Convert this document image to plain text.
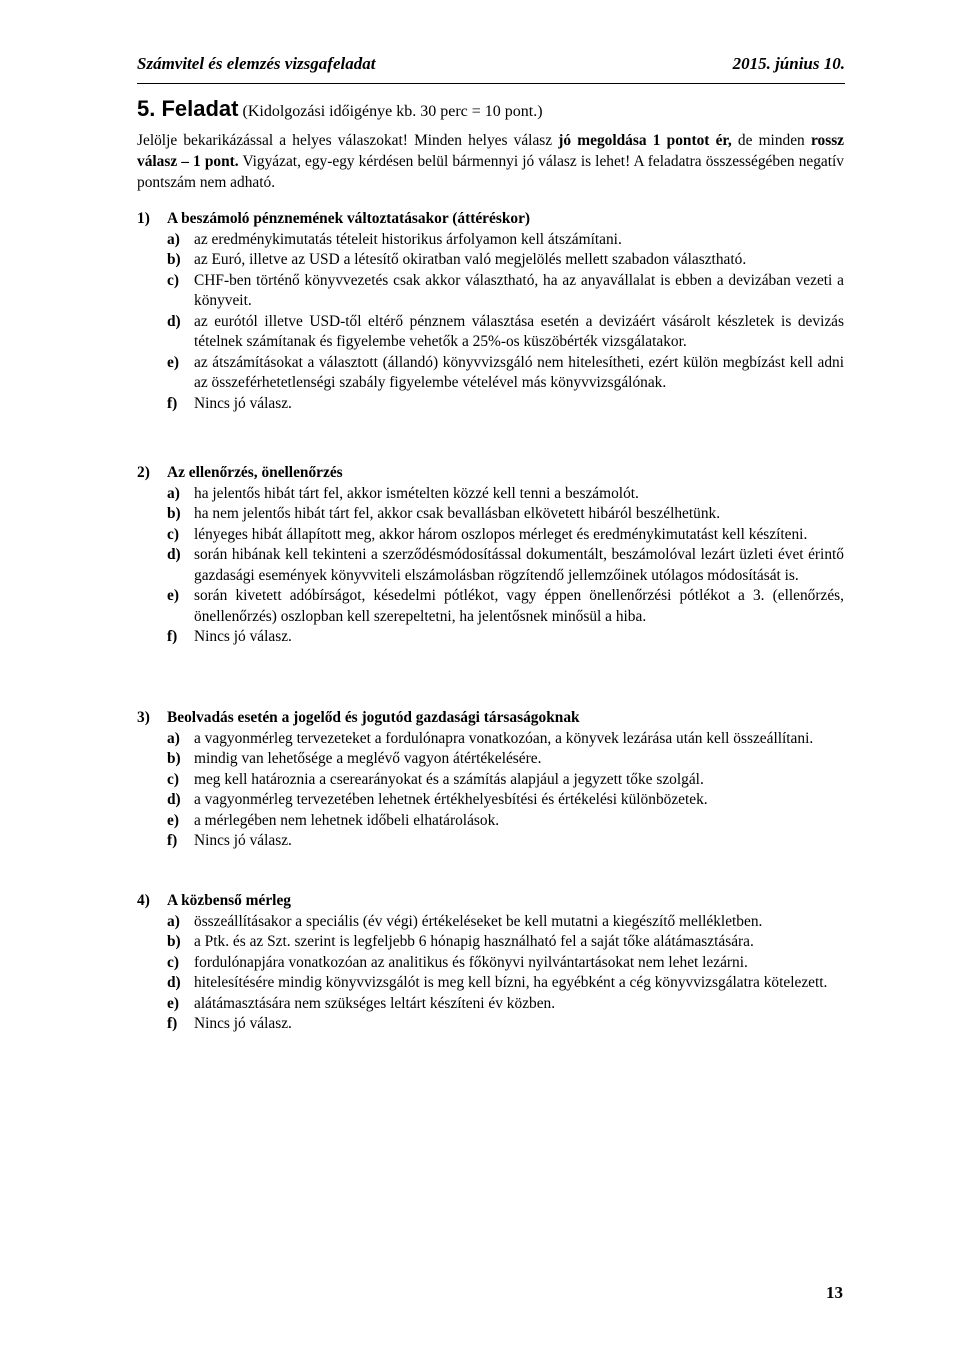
Számvitel és elemzés vizsgafeladat	2015. június 10.
5. Feladat (Kidolgozási időigénye kb. 30 perc = 10 pont.)
Jelölje bekarikázással a helyes válaszokat! Minden helyes válasz jó megoldása 1 pontot ér, de minden rossz válasz – 1 pont. Vigyázat, egy-egy kérdésen belül bármennyi jó válasz is lehet! A feladatra összességében negatív pontszám nem adható.
1) A beszámoló pénznemének változtatásakor (áttéréskor)
a) az eredménykimutatás tételeit historikus árfolyamon kell átszámítani.
b) az Euró, illetve az USD a létesítő okiratban való megjelölés mellett szabadon választható.
c) CHF-ben történő könyvvezetés csak akkor választható, ha az anyavállalat is ebben a devizában vezeti a könyveit.
d) az eurótól illetve USD-től eltérő pénznem választása esetén a devizáért vásárolt készletek is devizás tételnek számítanak és figyelembe vehetők a 25%-os küszöbérték vizsgálatakor.
e) az átszámításokat a választott (állandó) könyvvizsgáló nem hitelesítheti, ezért külön megbízást kell adni az összeférhetetlenségi szabály figyelembe vételével más könyvvizsgálónak.
f) Nincs jó válasz.
2) Az ellenőrzés, önellenőrzés
a) ha jelentős hibát tárt fel, akkor ismételten közzé kell tenni a beszámolót.
b) ha nem jelentős hibát tárt fel, akkor csak bevallásban elkövetett hibáról beszélhetünk.
c) lényeges hibát állapított meg, akkor három oszlopos mérleget és eredménykimutatást kell készíteni.
d) során hibának kell tekinteni a szerződésmódosítással dokumentált, beszámolóval lezárt üzleti évet érintő gazdasági események könyvviteli elszámolásban rögzítendő jellemzőinek utólagos módosítását is.
e) során kivetett adóbírságot, késedelmi pótlékot, vagy éppen önellenőrzési pótlékot a 3. (ellenőrzés, önellenőrzés) oszlopban kell szerepeltetni, ha jelentősnek minősül a hiba.
f) Nincs jó válasz.
3) Beolvadás esetén a jogelőd és jogutód gazdasági társaságoknak
a) a vagyonmérleg tervezeteket a fordulónapra vonatkozóan, a könyvek lezárása után kell összeállítani.
b) mindig van lehetősége a meglévő vagyon átértékelésére.
c) meg kell határoznia a cserearányokat és a számítás alapjául a jegyzett tőke szolgál.
d) a vagyonmérleg tervezetében lehetnek értékhelyesbítési és értékelési különbözetek.
e) a mérlegében nem lehetnek időbeli elhatárolások.
f) Nincs jó válasz.
4) A közbenső mérleg
a) összeállításakor a speciális (év végi) értékeléseket be kell mutatni a kiegészítő mellékletben.
b) a Ptk. és az Szt. szerint is legfeljebb 6 hónapig használható fel a saját tőke alátámasztására.
c) fordulónapjára vonatkozóan az analitikus és főkönyvi nyilvántartásokat nem lehet lezárni.
d) hitelesítésére mindig könyvvizsgálót is meg kell bízni, ha egyébként a cég könyvvizsgálatra kötelezett.
e) alátámasztására nem szükséges leltárt készíteni év közben.
f) Nincs jó válasz.
13
